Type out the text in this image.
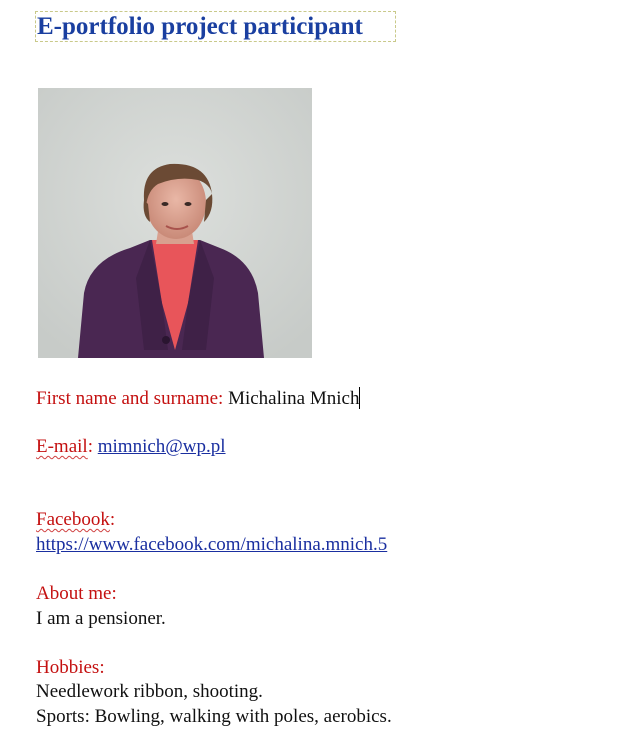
E-portfolio project participant
First name and surname: Michalina Mnich
E-mail: mimnich@wp.pl
Facebook:
https://www.facebook.com/michalina.mnich.5
About me:
I am a pensioner.
Hobbies:
Needlework ribbon, shooting.
Sports: Bowling, walking with poles, aerobics.
